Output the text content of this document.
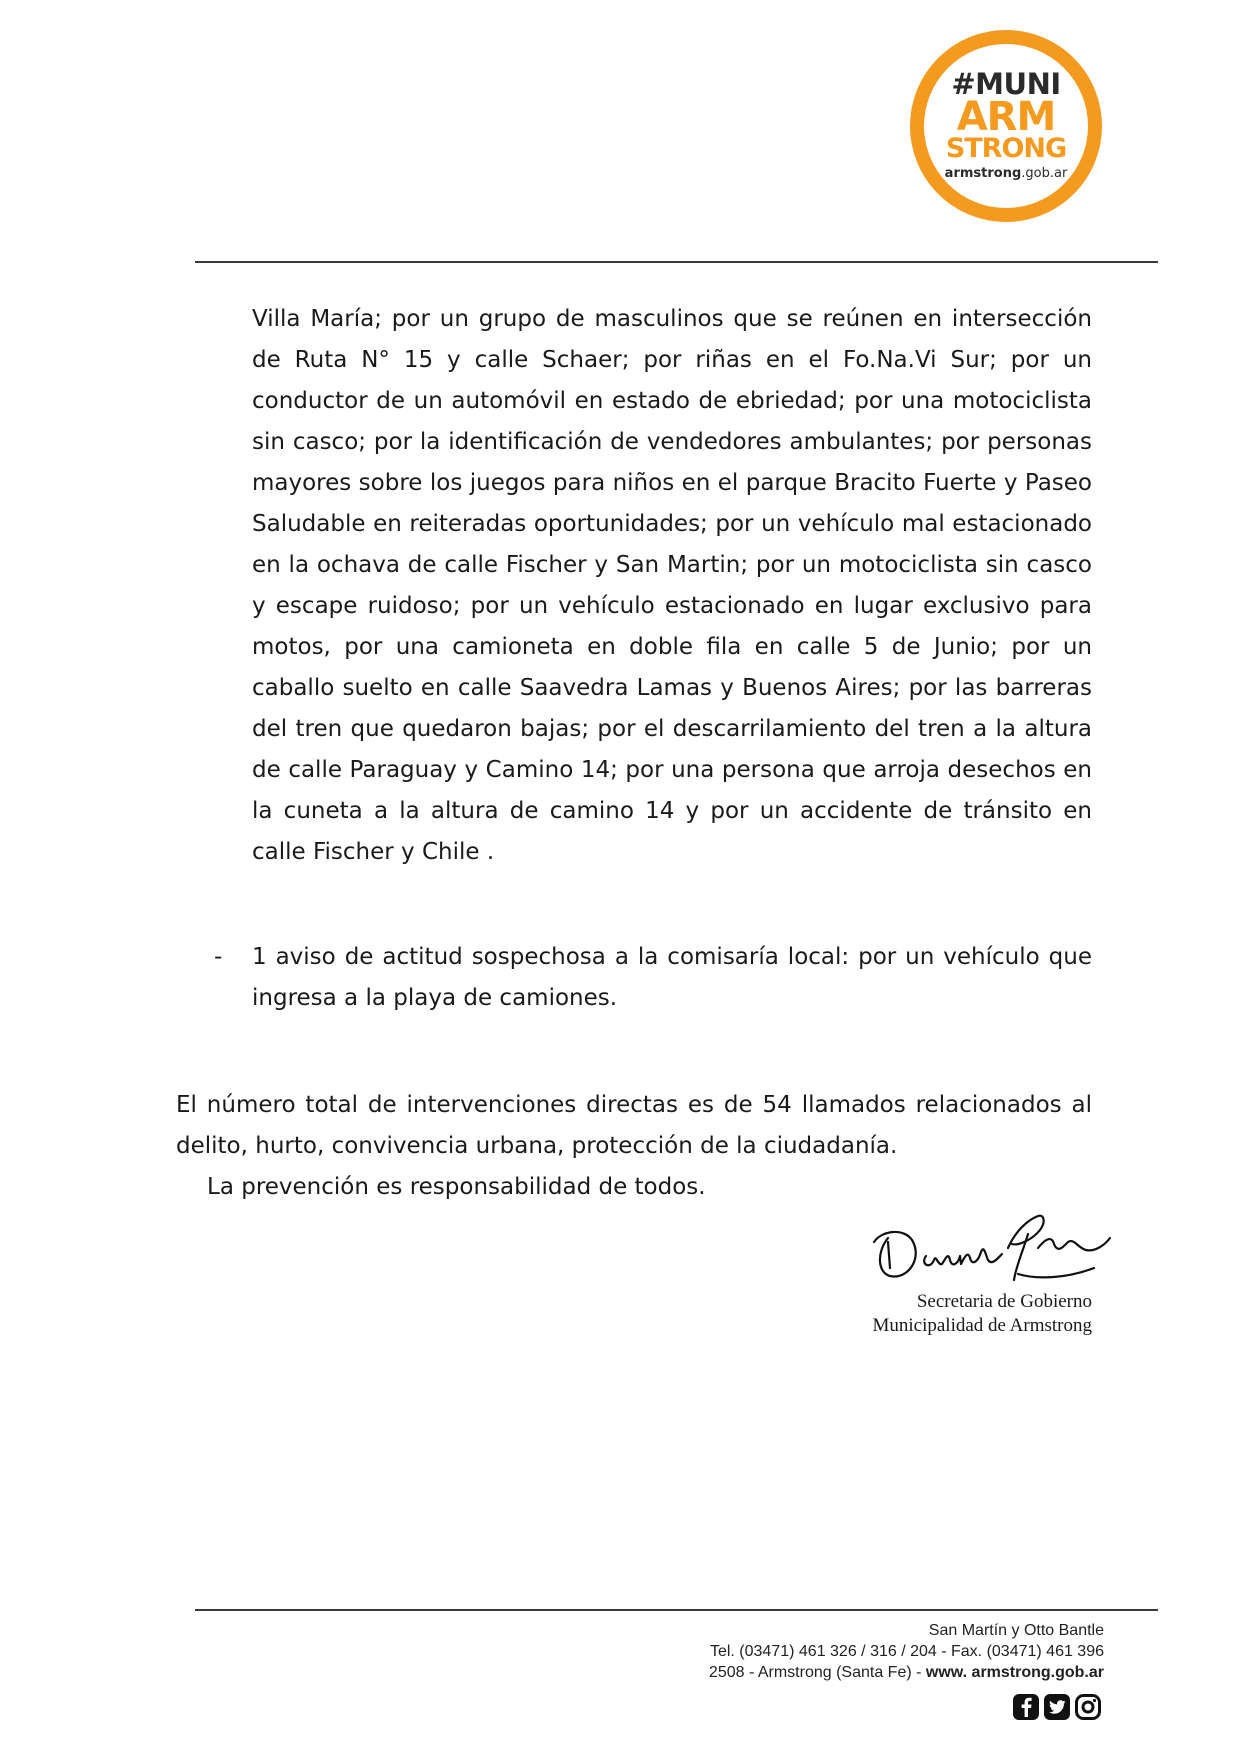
#MUNI
ARM
STRONG
armstrong.gob.ar

Villa María; por un grupo de masculinos que se reúnen en intersección de Ruta N° 15 y calle Schaer; por riñas en el Fo.Na.Vi Sur; por un conductor de un automóvil en estado de ebriedad; por una motociclista sin casco; por la identificación de vendedores ambulantes; por personas mayores sobre los juegos para niños en el parque Bracito Fuerte y Paseo Saludable en reiteradas oportunidades; por un vehículo mal estacionado en la ochava de calle Fischer y San Martin; por un motociclista sin casco y escape ruidoso; por un vehículo estacionado en lugar exclusivo para motos, por una camioneta en doble fila en calle 5 de Junio; por un caballo suelto en calle Saavedra Lamas y Buenos Aires; por las barreras del tren que quedaron bajas; por el descarrilamiento del tren a la altura de calle Paraguay y Camino 14; por una persona que arroja desechos en la cuneta a la altura de camino 14 y por un accidente de tránsito en calle Fischer y Chile .

- 1 aviso de actitud sospechosa a la comisaría local: por un vehículo que ingresa a la playa de camiones.

El número total de intervenciones directas es de 54 llamados relacionados al delito, hurto, convivencia urbana, protección de la ciudadanía.

La prevención es responsabilidad de todos.

Secretaria de Gobierno
Municipalidad de Armstrong
San Martín y Otto Bantle
Tel. (03471) 461 326 / 316 / 204 - Fax. (03471) 461 396
2508 - Armstrong (Santa Fe) - www. armstrong.gob.ar
